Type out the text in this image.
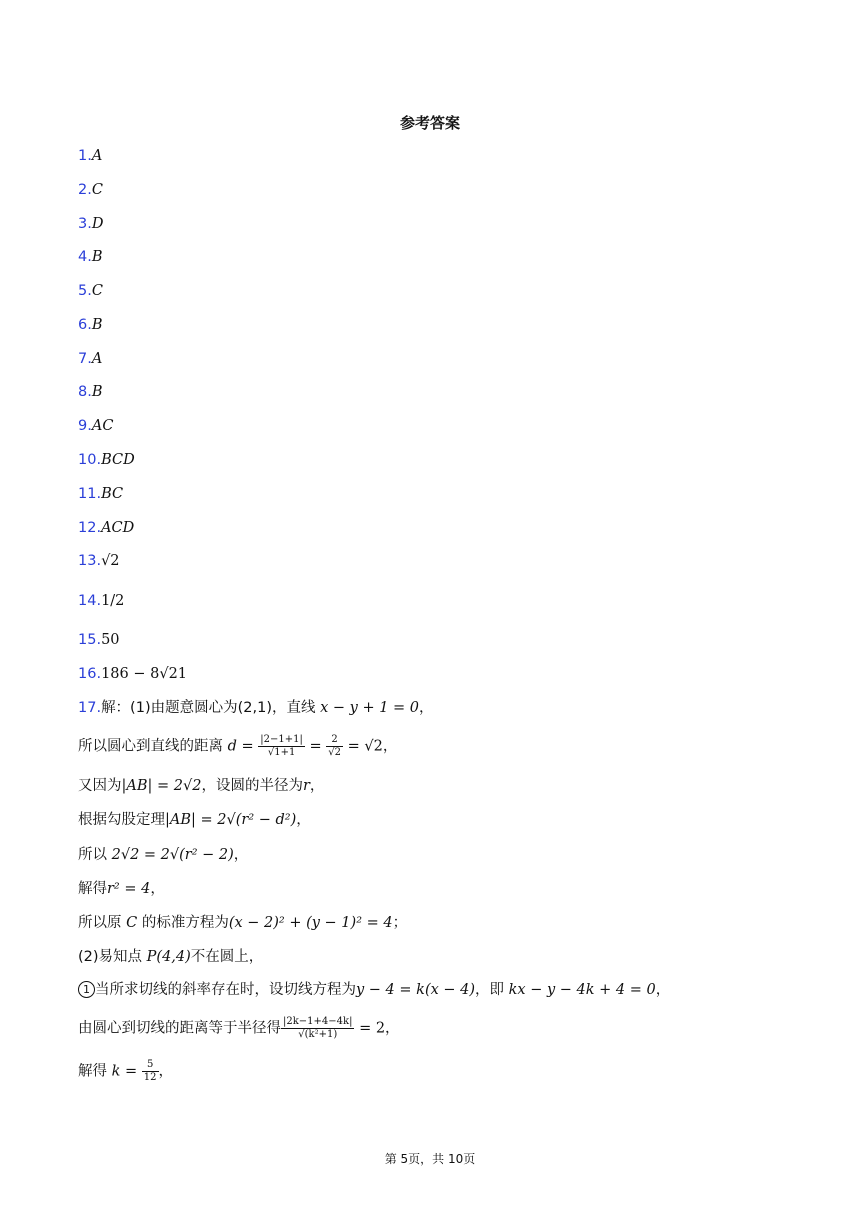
参考答案
1.A
2.C
3.D
4.B
5.C
6.B
7.A
8.B
9.AC
10.BCD
11.BC
12.ACD
13.√2
14.1/2
15.50
16.186 − 8√21
17.解：(1)由题意圆心为(2,1)，直线 x − y + 1 = 0，
所以圆心到直线的距离 $d = \frac{|2-1+1|}{√1+1} = \frac{2}{√2} = √2$，
又因为|AB| = 2√2，设圆的半径为r，
根据勾股定理|AB| = 2√(r² − d²)，
所以 2√2 = 2√(r² − 2)，
解得r² = 4，
所以原 C 的标准方程为(x − 2)² + (y − 1)² = 4；
(2)易知点 P(4,4)不在圆上，
1 当所求切线的斜率存在时，设切线方程为y − 4 = k(x − 4)，即 kx − y − 4k + 4 = 0，
由圆心到切线的距离等于半径得 $\frac{|2k-1+4-4k|}{\text{√(k²+1)}} = 2$，
解得 $k = \frac{5}{12}$ ，
第 5页，共 10页
